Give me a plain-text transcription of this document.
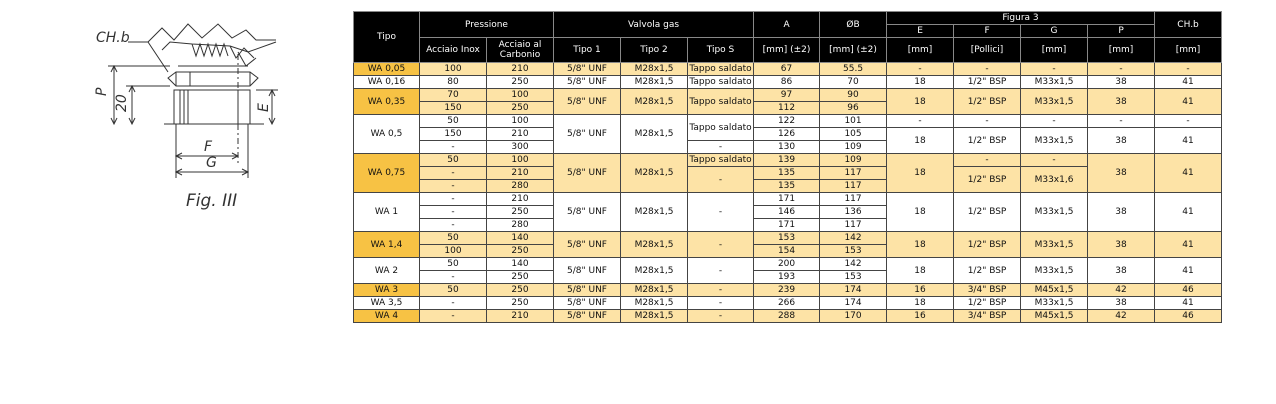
CH.b
P
20	E
F
G
Fig. III
Tipo	Pressione		Valvola gas			A	ØB	Figura 3				CH.b
								E	F	G	P	
	Acciaio Inox	Acciaio al Carbonio	Tipo 1	Tipo 2	Tipo S	[mm] (±2)	[mm] (±2)	[mm]	[Pollici]	[mm]	[mm]	[mm]
WA 0,05	100	210	5/8" UNF	M28x1,5	Tappo saldato	67	55.5	-	-	-	-	-
WA 0,16	80	250	5/8" UNF	M28x1,5	Tappo saldato	86	70	18	1/2" BSP	M33x1,5	38	41
WA 0,35	70	100	5/8" UNF	M28x1,5	Tappo saldato	97	90	18	1/2" BSP	M33x1,5	38	41
	150	250				112	96					
WA 0,5	50	100	5/8" UNF	M28x1,5	Tappo saldato	122	101	-	-	-	-	-
	150	210				126	105	18	1/2" BSP	M33x1,5	38	41
	-	300			-	130	109					
WA 0,75	50	100	5/8" UNF	M28x1,5	Tappo saldato	139	109	18	-	-	38	41
	-	210			-	135	117		1/2" BSP	M33x1,6		
	-	280				135	117					
WA 1	-	210	5/8" UNF	M28x1,5	-	171	117	18	1/2" BSP	M33x1,5	38	41
	-	250				146	136					
	-	280				171	117					
WA 1,4	50	140	5/8" UNF	M28x1,5	-	153	142	18	1/2" BSP	M33x1,5	38	41
	100	250				154	153					
WA 2	50	140	5/8" UNF	M28x1,5	-	200	142	18	1/2" BSP	M33x1,5	38	41
	-	250				193	153					
WA 3	50	250	5/8" UNF	M28x1,5	-	239	174	16	3/4" BSP	M45x1,5	42	46
WA 3,5	-	250	5/8" UNF	M28x1,5	-	266	174	18	1/2" BSP	M33x1,5	38	41
WA 4	-	210	5/8" UNF	M28x1,5	-	288	170	16	3/4" BSP	M45x1,5	42	46
